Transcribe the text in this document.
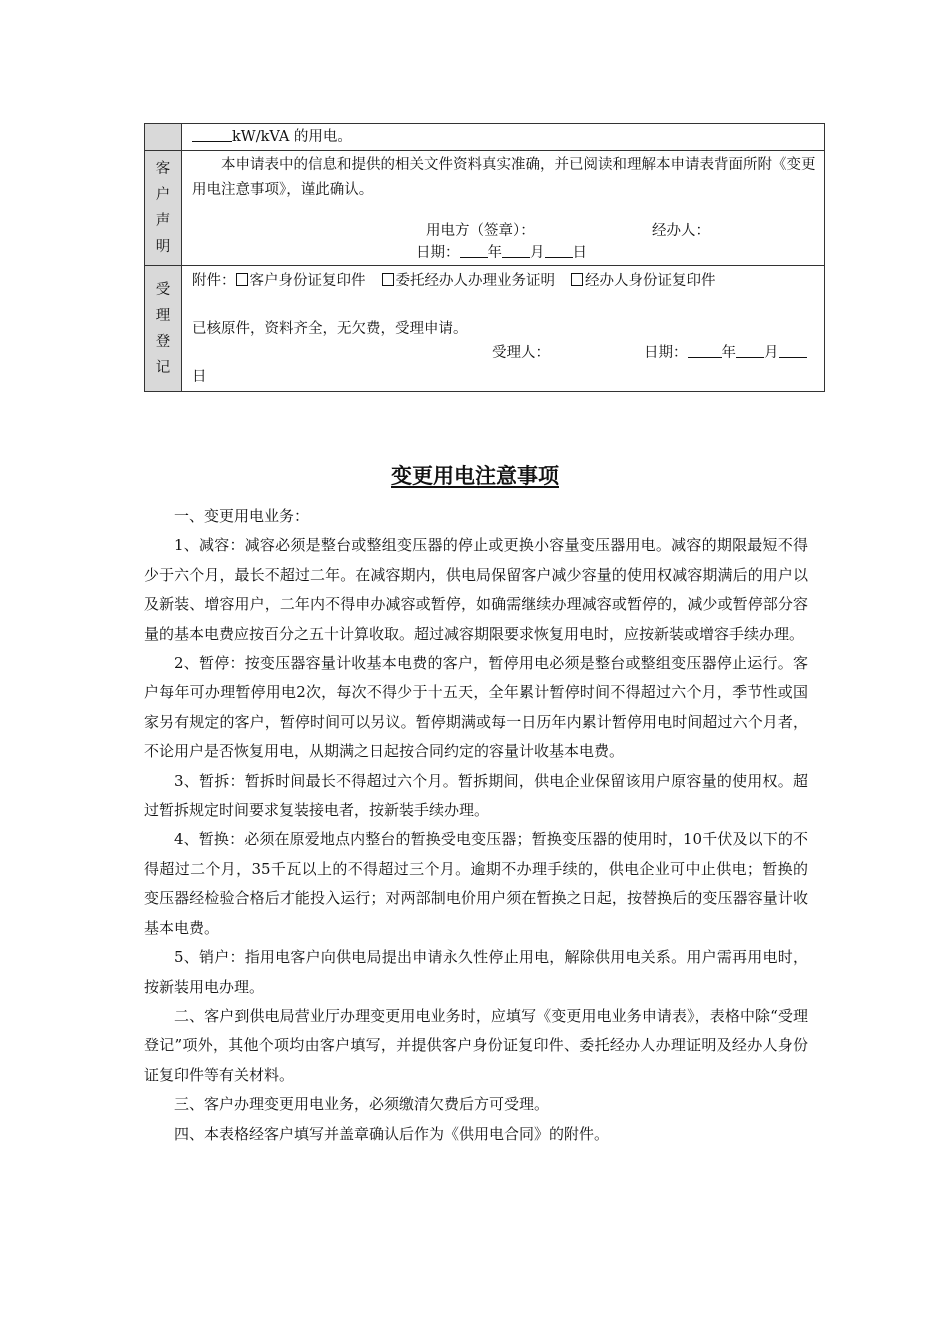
	kW/kVA 的用电。

客户声明	本申请表中的信息和提供的相关文件资料真实准确，并已阅读和理解本申请表背面所附《变更用电注意事项》，谨此确认。
用电方（签章）： 经办人：
日期： 年 月 日

受理登记	附件： 客户身份证复印件 委托经办人办理业务证明 经办人身份证复印件
已核原件，资料齐全，无欠费，受理申请。
受理人： 日期： 年 月
日
变更用电注意事项

一、变更用电业务：

1、减容：减容必须是整台或整组变压器的停止或更换小容量变压器用电。减容的期限最短不得少于六个月，最长不超过二年。在减容期内，供电局保留客户减少容量的使用权减容期满后的用户以及新装、增容用户，二年内不得申办减容或暂停，如确需继续办理减容或暂停的，减少或暂停部分容量的基本电费应按百分之五十计算收取。超过减容期限要求恢复用电时，应按新装或增容手续办理。

2、暂停：按变压器容量计收基本电费的客户，暂停用电必须是整台或整组变压器停止运行。客户每年可办理暂停用电2次，每次不得少于十五天，全年累计暂停时间不得超过六个月，季节性或国家另有规定的客户，暂停时间可以另议。暂停期满或每一日历年内累计暂停用电时间超过六个月者，不论用户是否恢复用电，从期满之日起按合同约定的容量计收基本电费。

3、暂拆：暂拆时间最长不得超过六个月。暂拆期间，供电企业保留该用户原容量的使用权。超过暂拆规定时间要求复装接电者，按新装手续办理。

4、暂换：必须在原爱地点内整台的暂换受电变压器；暂换变压器的使用时，10千伏及以下的不得超过二个月，35千瓦以上的不得超过三个月。逾期不办理手续的，供电企业可中止供电；暂换的变压器经检验合格后才能投入运行；对两部制电价用户须在暂换之日起，按替换后的变压器容量计收基本电费。

5、销户：指用电客户向供电局提出申请永久性停止用电，解除供用电关系。用户需再用电时，按新装用电办理。

二、客户到供电局营业厅办理变更用电业务时，应填写《变更用电业务申请表》，表格中除“受理登记”项外，其他个项均由客户填写，并提供客户身份证复印件、委托经办人办理证明及经办人身份证复印件等有关材料。

三、客户办理变更用电业务，必须缴清欠费后方可受理。

四、本表格经客户填写并盖章确认后作为《供用电合同》的附件。
